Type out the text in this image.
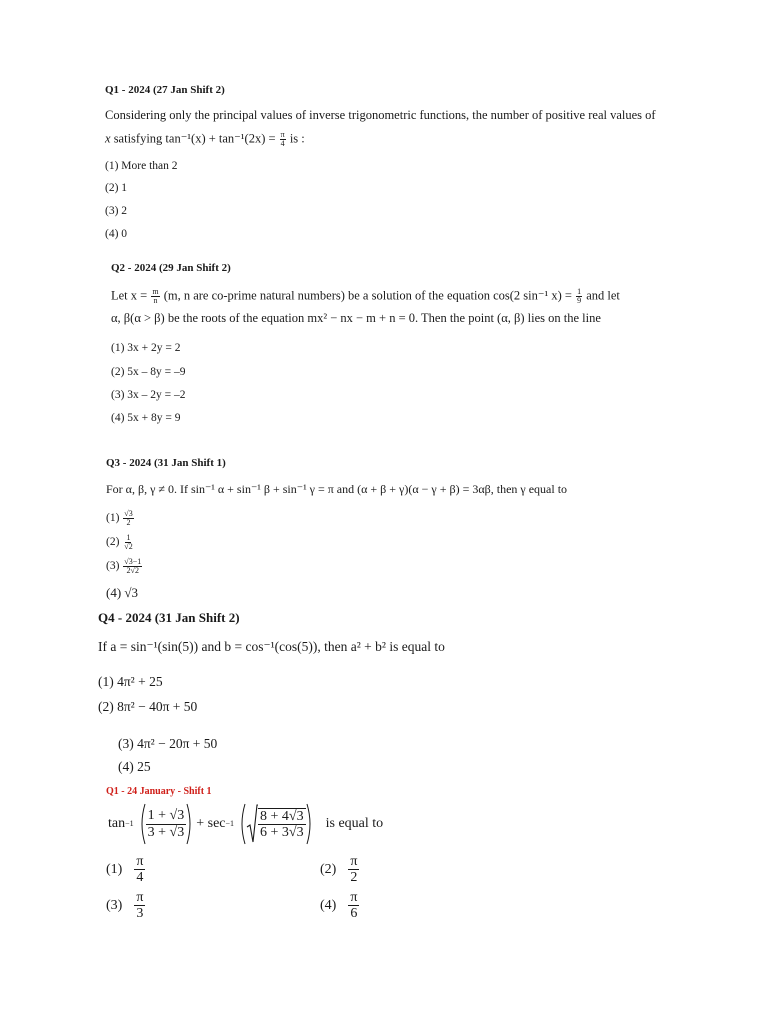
Q1 - 2024 (27 Jan Shift 2)
Considering only the principal values of inverse trigonometric functions, the number of positive real values of
x satisfying $\tan^{-1}(x) + \tan^{-1}(2x) = \frac{\pi}{4}$ is :
(1) More than 2
(2) 1
(3) 2
(4) 0
Q2 - 2024 (29 Jan Shift 2)
Let $x = \frac{m}{n} (m$, n are co-prime natural numbers) be a solution of the equation cos(2 sin⁻¹ $x) = \frac{1}{9}$ and let
α, β(α > β) be the roots of the equation mx² − nx − m + n = 0. Then the point (α, β) lies on the line
(1) 3x + 2y = 2
(2) 5x – 8y = –9
(3) 3x – 2y = –2
(4) 5x + 8y = 9
Q3 - 2024 (31 Jan Shift 1)
For α, β, γ ≠ 0. If sin⁻¹ α + sin⁻¹ β + sin⁻¹ γ = π and (α + β + γ)(α − γ + β) = 3αβ, then γ equal to
$(1) \frac{√3}{2}$
$(2) \frac{1}{√2}$
$(3) \frac{√3-1}{2√2}$
(4) √3
Q4 - 2024 (31 Jan Shift 2)
If a = sin⁻¹(sin(5)) and b = cos⁻¹(cos(5)), then a² + b² is equal to
(1) 4π² + 25
(2) 8π² − 40π + 50
(3) 4π² − 20π + 50
(4) 25
Q1 - 24 January - Shift 1
$\tan -1 \frac{1 + √3}{3 + √3} + \sec -1 \frac{8 + 4√3}{6 + 3√3}$ is equal to
$(1) \frac{\pi}{4}$	$(2) \frac{\pi}{2}$
$(3) \frac{\pi}{3}$	$(4) \frac{\pi}{6}$
